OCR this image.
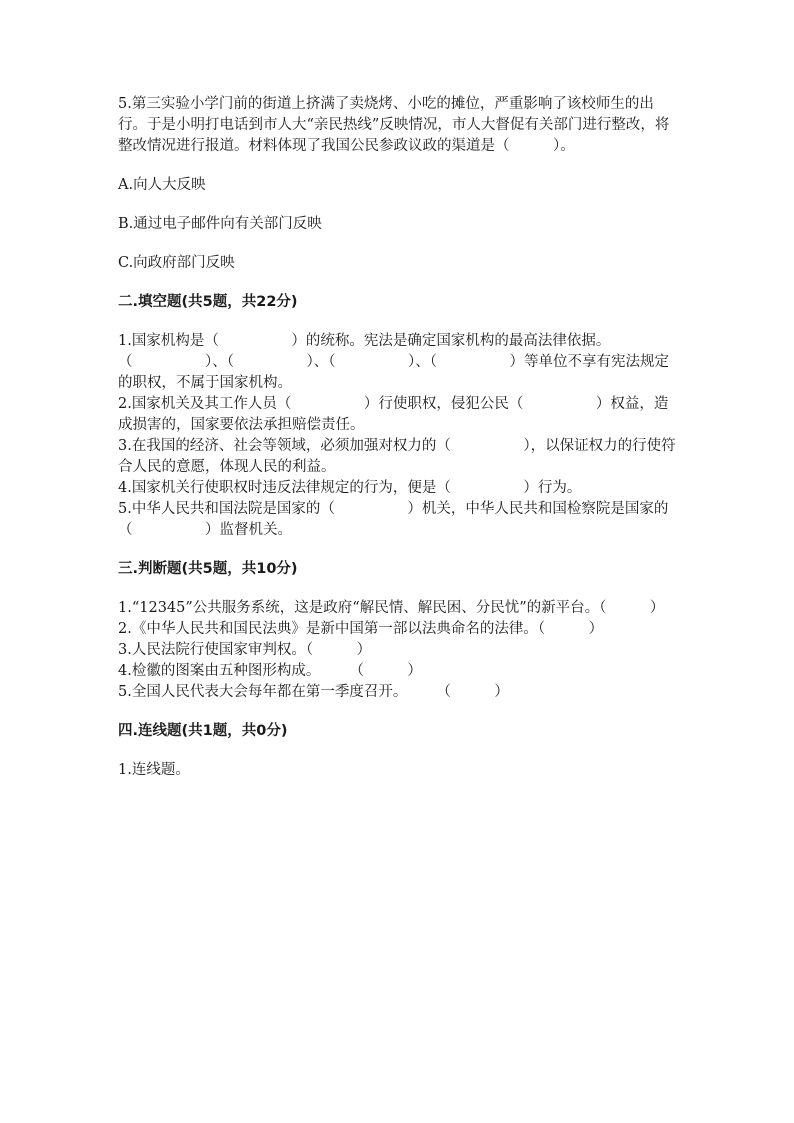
5.第三实验小学门前的街道上挤满了卖烧烤、小吃的摊位，严重影响了该校师生的出行。于是小明打电话到市人大“亲民热线”反映情况，市人大督促有关部门进行整改，将整改情况进行报道。材料体现了我国公民参政议政的渠道是（　　　）。

A.向人大反映

B.通过电子邮件向有关部门反映

C.向政府部门反映

二.填空题(共5题，共22分)

1.国家机构是（　　　　　）的统称。宪法是确定国家机构的最高法律依据。（　　　　　）、（　　　　　）、（　　　　　）、（　　　　　）等单位不享有宪法规定的职权，不属于国家机构。

2.国家机关及其工作人员（　　　　　）行使职权，侵犯公民（　　　　　）权益，造成损害的，国家要依法承担赔偿责任。

3.在我国的经济、社会等领域，必须加强对权力的（　　　　　），以保证权力的行使符合人民的意愿，体现人民的利益。

4.国家机关行使职权时违反法律规定的行为，便是（　　　　　）行为。

5.中华人民共和国法院是国家的（　　　　　）机关，中华人民共和国检察院是国家的（　　　　　）监督机关。

三.判断题(共5题，共10分)

1.“12345”公共服务系统，这是政府“解民情、解民困、分民忧”的新平台。（　　　）

2.《中华人民共和国民法典》是新中国第一部以法典命名的法律。（　　　）

3.人民法院行使国家审判权。（　　　）

4.检徽的图案由五种图形构成。　　　（　　　）

5.全国人民代表大会每年都在第一季度召开。　　　（　　　）

四.连线题(共1题，共0分)

1.连线题。
